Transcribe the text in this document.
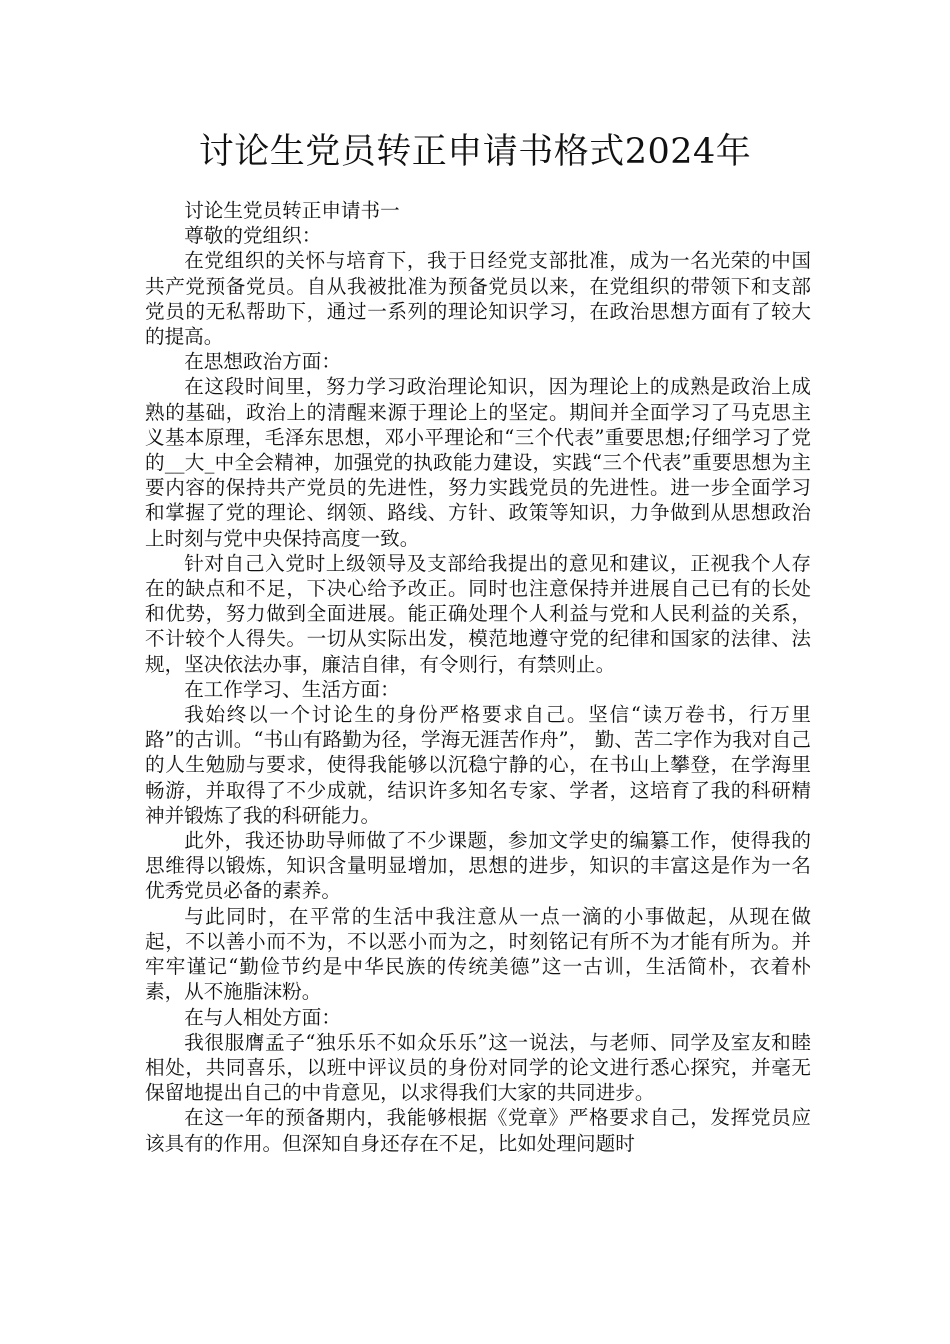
讨论生党员转正申请书格式2024年

讨论生党员转正申请书一

尊敬的党组织：

在党组织的关怀与培育下，我于日经党支部批准，成为一名光荣的中国共产党预备党员。自从我被批准为预备党员以来，在党组织的带领下和支部党员的无私帮助下，通过一系列的理论知识学习，在政治思想方面有了较大的提高。

在思想政治方面：

在这段时间里，努力学习政治理论知识，因为理论上的成熟是政治上成熟的基础，政治上的清醒来源于理论上的坚定。期间并全面学习了马克思主义基本原理，毛泽东思想，邓小平理论和“三个代表”重要思想;仔细学习了党的__大_中全会精神，加强党的执政能力建设，实践“三个代表”重要思想为主要内容的保持共产党员的先进性，努力实践党员的先进性。进一步全面学习和掌握了党的理论、纲领、路线、方针、政策等知识，力争做到从思想政治上时刻与党中央保持高度一致。

针对自己入党时上级领导及支部给我提出的意见和建议，正视我个人存在的缺点和不足，下决心给予改正。同时也注意保持并进展自己已有的长处和优势，努力做到全面进展。能正确处理个人利益与党和人民利益的关系，不计较个人得失。一切从实际出发，模范地遵守党的纪律和国家的法律、法规，坚决依法办事，廉洁自律，有令则行，有禁则止。

在工作学习、生活方面：

我始终以一个讨论生的身份严格要求自己。坚信“读万卷书，行万里路”的古训。“书山有路勤为径，学海无涯苦作舟”， 勤、苦二字作为我对自己的人生勉励与要求，使得我能够以沉稳宁静的心，在书山上攀登，在学海里畅游，并取得了不少成就，结识许多知名专家、学者，这培育了我的科研精神并锻炼了我的科研能力。

此外，我还协助导师做了不少课题，参加文学史的编纂工作，使得我的思维得以锻炼，知识含量明显增加，思想的进步，知识的丰富这是作为一名优秀党员必备的素养。

与此同时，在平常的生活中我注意从一点一滴的小事做起，从现在做起，不以善小而不为，不以恶小而为之，时刻铭记有所不为才能有所为。并牢牢谨记“勤俭节约是中华民族的传统美德”这一古训，生活简朴，衣着朴素，从不施脂沫粉。

在与人相处方面：

我很服膺孟子“独乐乐不如众乐乐”这一说法，与老师、同学及室友和睦相处，共同喜乐，以班中评议员的身份对同学的论文进行悉心探究，并毫无保留地提出自己的中肯意见，以求得我们大家的共同进步。

在这一年的预备期内，我能够根据《党章》严格要求自己，发挥党员应该具有的作用。但深知自身还存在不足，比如处理问题时
